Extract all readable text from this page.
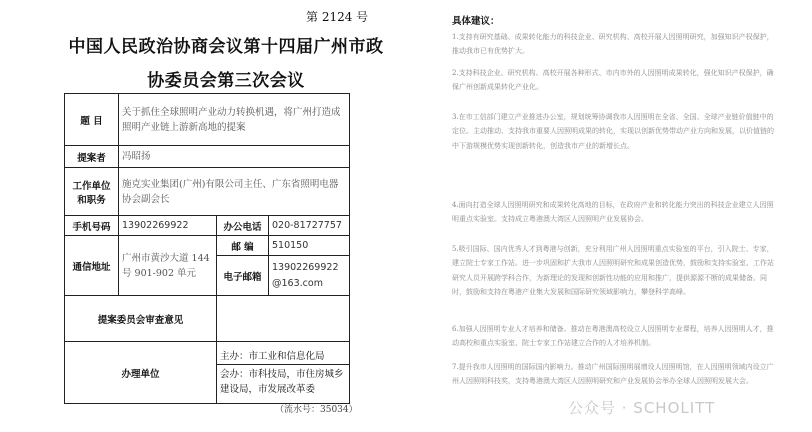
第 2124 号
中国人民政治协商会议第十四届广州市政
协委员会第三次会议
题 目	关于抓住全球照明产业动力转换机遇，将广州打造成照明产业链上游新高地的提案		
提案者	冯昭扬		
工作单位和职务	施克实业集团(广州)有限公司主任、广东省照明电器协会副会长		
手机号码	13902269922	办公电话	020-81727757
通信地址	广州市黄沙大道 144 号 901-902 单元	邮 编	510150
		电子邮箱	13902269922@163.com
提案委员会审查意见			
办理单位		主办：市工业和信息化局
会办：市科技局，市住房城乡建设局，市发展改革委	
（流水号：35034）
具体建议：
1.支持有研究基础、成果转化能力的科技企业、研究机构、高校开展人因照明研究，加强知识产权保护，推动我市已有优势扩大。
2.支持科技企业、研究机构、高校开展各种形式、市内市外的人因照明成果转化，强化知识产权保护，确保广州创新成果转化产业化。
3.在市工信部门建立产业推进办公室，规划统筹协调我市人因照明在全省、全国、全球产业链价值链中的定位。主动推动、支持我市重要人因照明成果的转化，实现以创新优势带动产业方向和发展，以价值链的中下游规模优势实现创新转化，创造我市产业的新增长点。
4.面向打造全球人因照明研究和成果转化高地的目标，在政府产业和转化能力突出的科技企业建立人因照明重点实验室。支持成立粤港澳大湾区人因照明产业发展协会。
5.吸引国际、国内优秀人才到粤港与创新，充分利用广州人因照明重点实验室的平台，引入院士、专家，建立院士专家工作站。进一步巩固和扩大我市人因照明研究和成果创造优势，鼓励和支持实验室、工作站研究人员开展跨学科合作，为新理论的发现和创新性功能的应用和推广，提供源源不断的成果储备。同时，鼓励和支持在粤港产业集大发展和国际研究领域影响力，攀登科学高峰。
6.加强人因照明专业人才培养和储备。推动在粤港澳高校设立人因照明专业课程，培养人因照明人才，推动高校和重点实验室、院士专家工作站建立合作的人才培养机制。
7.提升我市人因照明的国际国内影响力。推动广州国际照明展增设人因照明馆，在人因照明领域内设立广州人因照明科技奖，支持粤港澳大湾区人因照明研究和产业发展协会举办全球人因照明发展大会。
公众号 · SCHOLITT
